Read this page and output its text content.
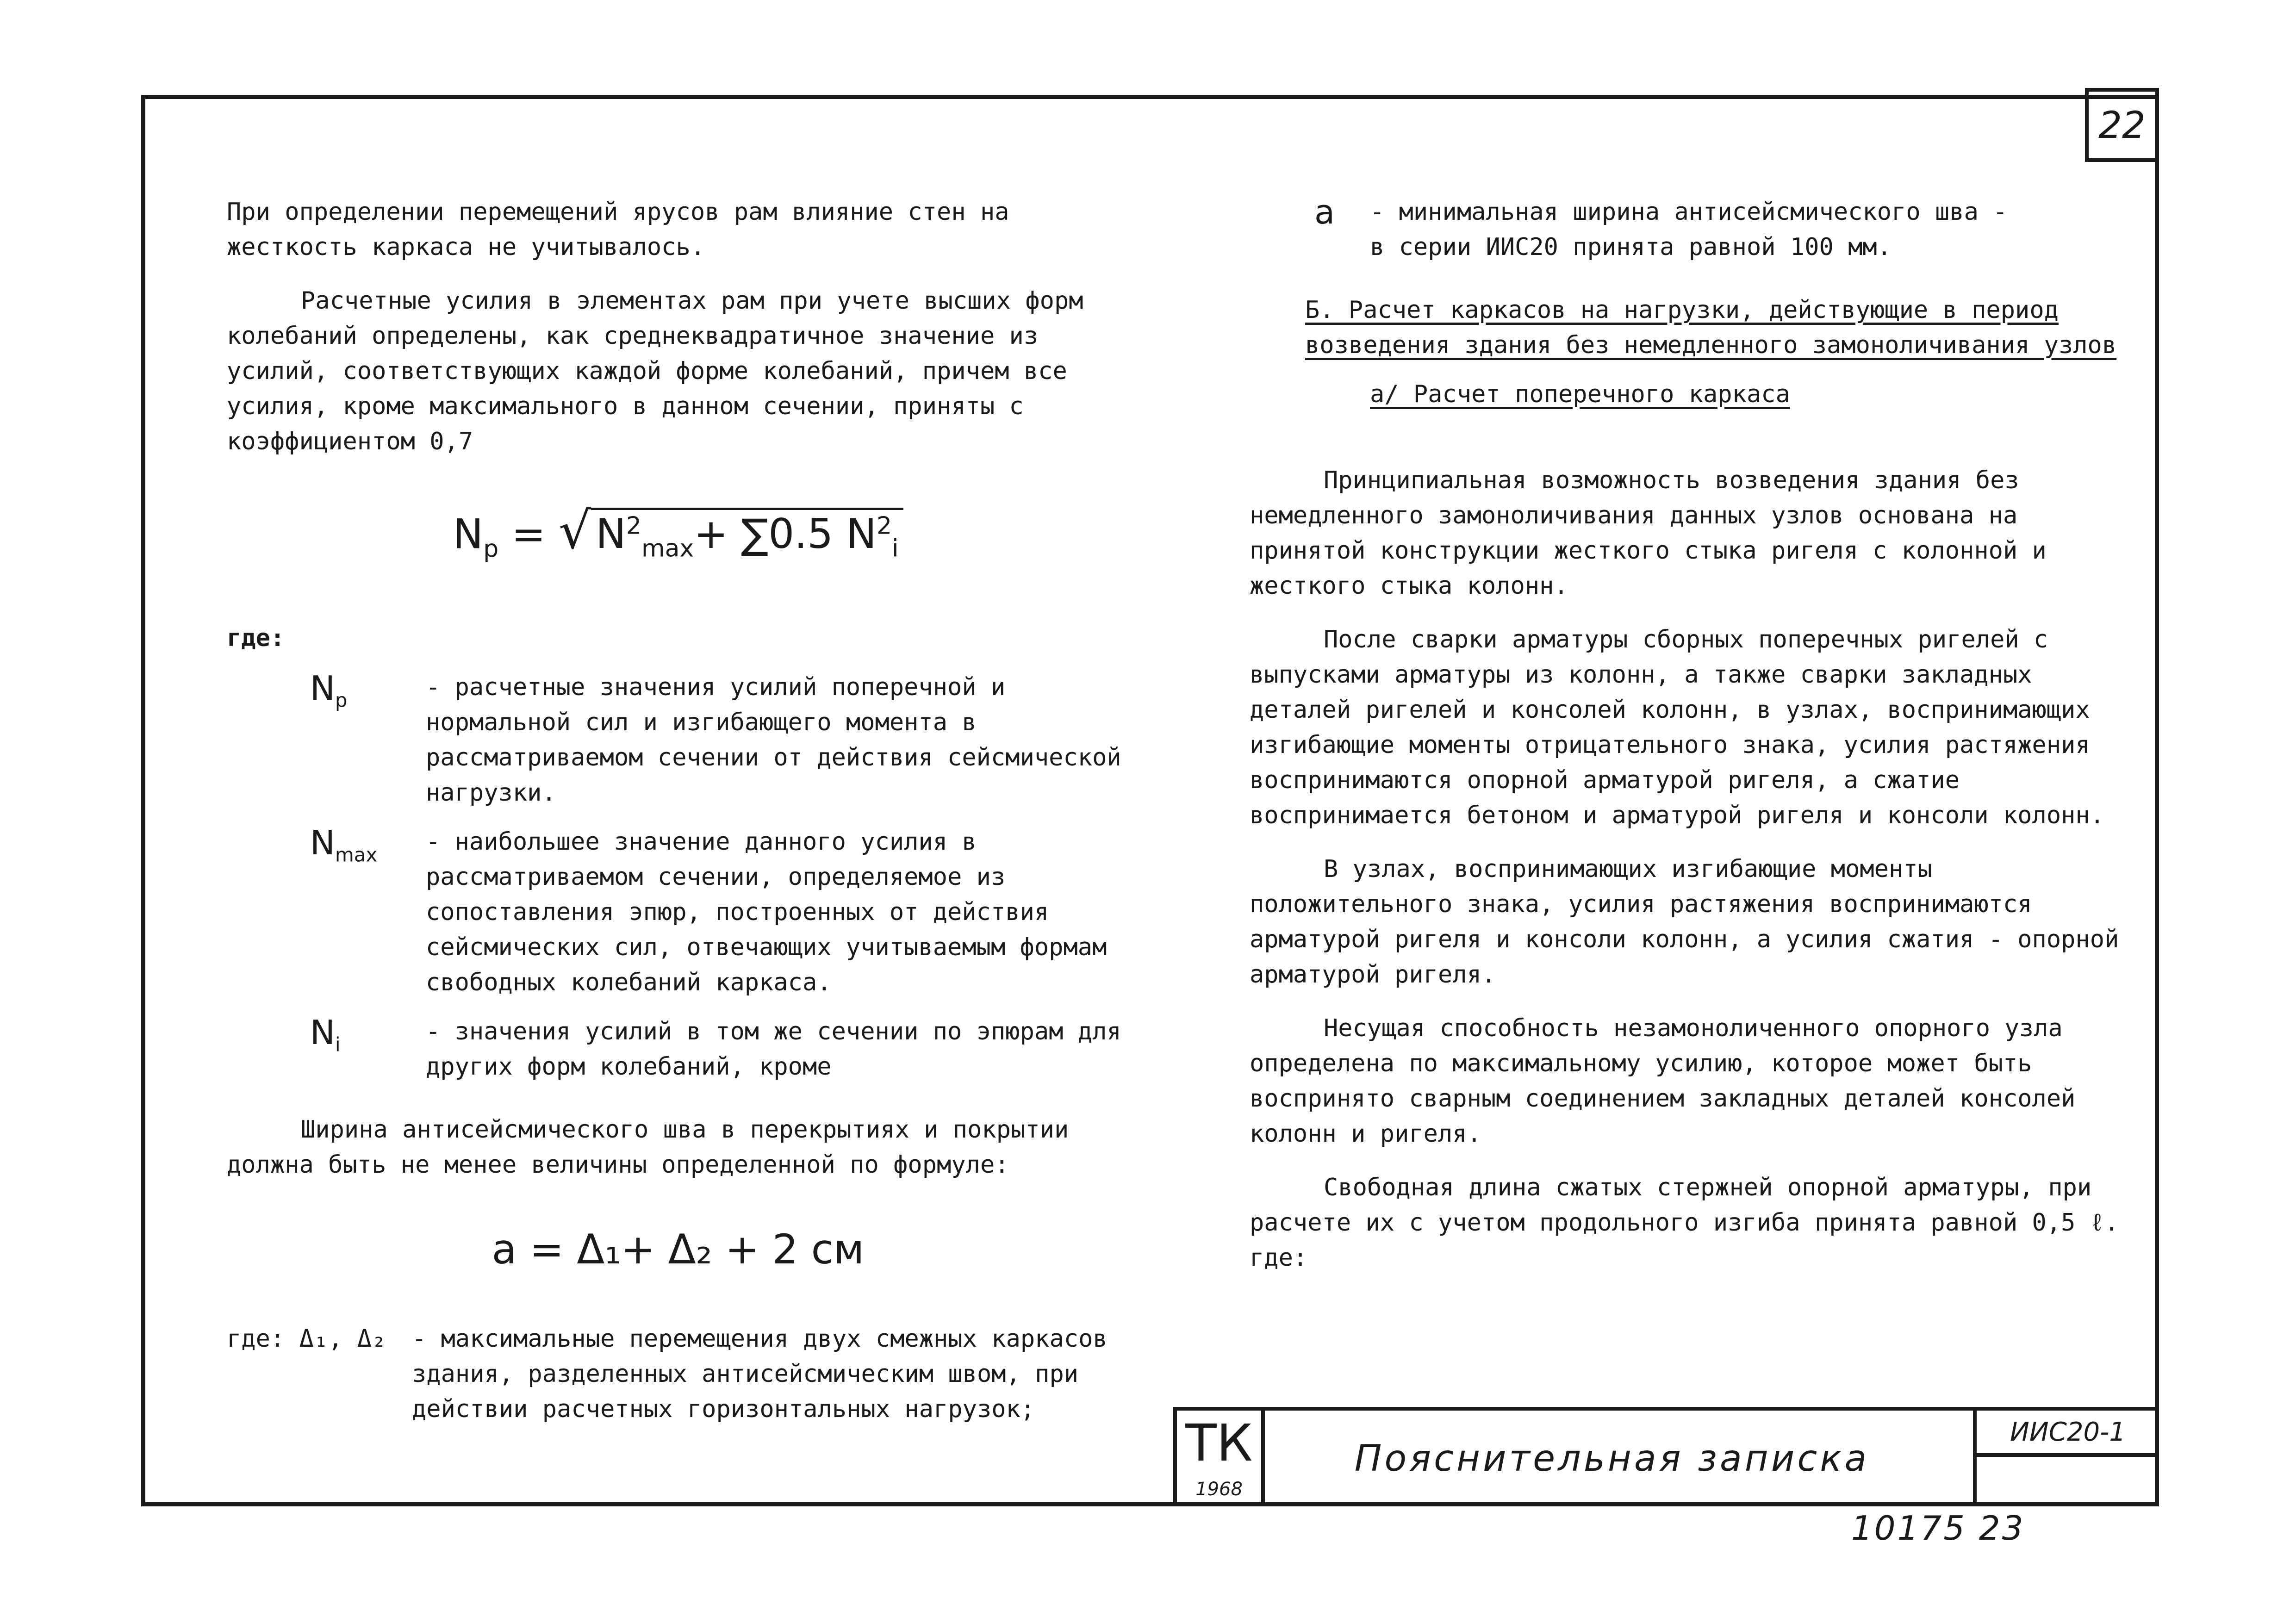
22

При определении перемещений ярусов рам влияние стен на жесткость каркаса не учитывалось.

Расчетные усилия в элементах рам при учете высших форм колебаний определены, как среднеквадратичное значение из усилий, соответствующих каждой форме колебаний, причем все усилия, кроме максимального в данном сечении, приняты с коэффициентом 0,7

$N_p$ = √ $N^2_{max}+ \sum 0.5$ $N^2_i$

где:

$N_p$	- расчетные значения усилий поперечной и нормальной сил и изгибающего момента в рассматриваемом сечении от действия сейсмической нагрузки.
$N_{max}$	- наибольшее значение данного усилия в рассматриваемом сечении, определяемое из сопоставления эпюр, построенных от действия сейсмических сил, отвечающих учитываемым формам свободных колебаний каркаса.
$N_i$	- значения усилий в том же сечении по эпюрам для других форм колебаний, кроме

Ширина антисейсмического шва в перекрытиях и покрытии должна быть не менее величины определенной по формуле:

a = Δ₁+ Δ₂ + 2 см
где: Δ₁, Δ₂	- максимальные перемещения двух смежных каркасов здания, разделенных антисейсмическим швом, при действии расчетных горизонтальных нагрузок;
a	- минимальная ширина антисейсмического шва - в серии ИИС20 принята равной 100 мм.

Б. Расчет каркасов на нагрузки, действующие в период возведения здания без немедленного замоноличивания узлов

а/ Расчет поперечного каркаса

Принципиальная возможность возведения здания без немедленного замоноличивания данных узлов основана на принятой конструкции жесткого стыка ригеля с колонной и жесткого стыка колонн.

После сварки арматуры сборных поперечных ригелей с выпусками арматуры из колонн, а также сварки закладных деталей ригелей и консолей колонн, в узлах, воспринимающих изгибающие моменты отрицательного знака, усилия растяжения воспринимаются опорной арматурой ригеля, а сжатие воспринимается бетоном и арматурой ригеля и консоли колонн.

В узлах, воспринимающих изгибающие моменты положительного знака, усилия растяжения воспринимаются арматурой ригеля и консоли колонн, а усилия сжатия - опорной арматурой ригеля.

Несущая способность незамоноличенного опорного узла определена по максимальному усилию, которое может быть воспринято сварным соединением закладных деталей консолей колонн и ригеля.

Свободная длина сжатых стержней опорной арматуры, при расчете их с учетом продольного изгиба принята равной 0,5 ℓ.

где:

ТК
1968
Пояснительная записка
ИИС20-1
10175 23
